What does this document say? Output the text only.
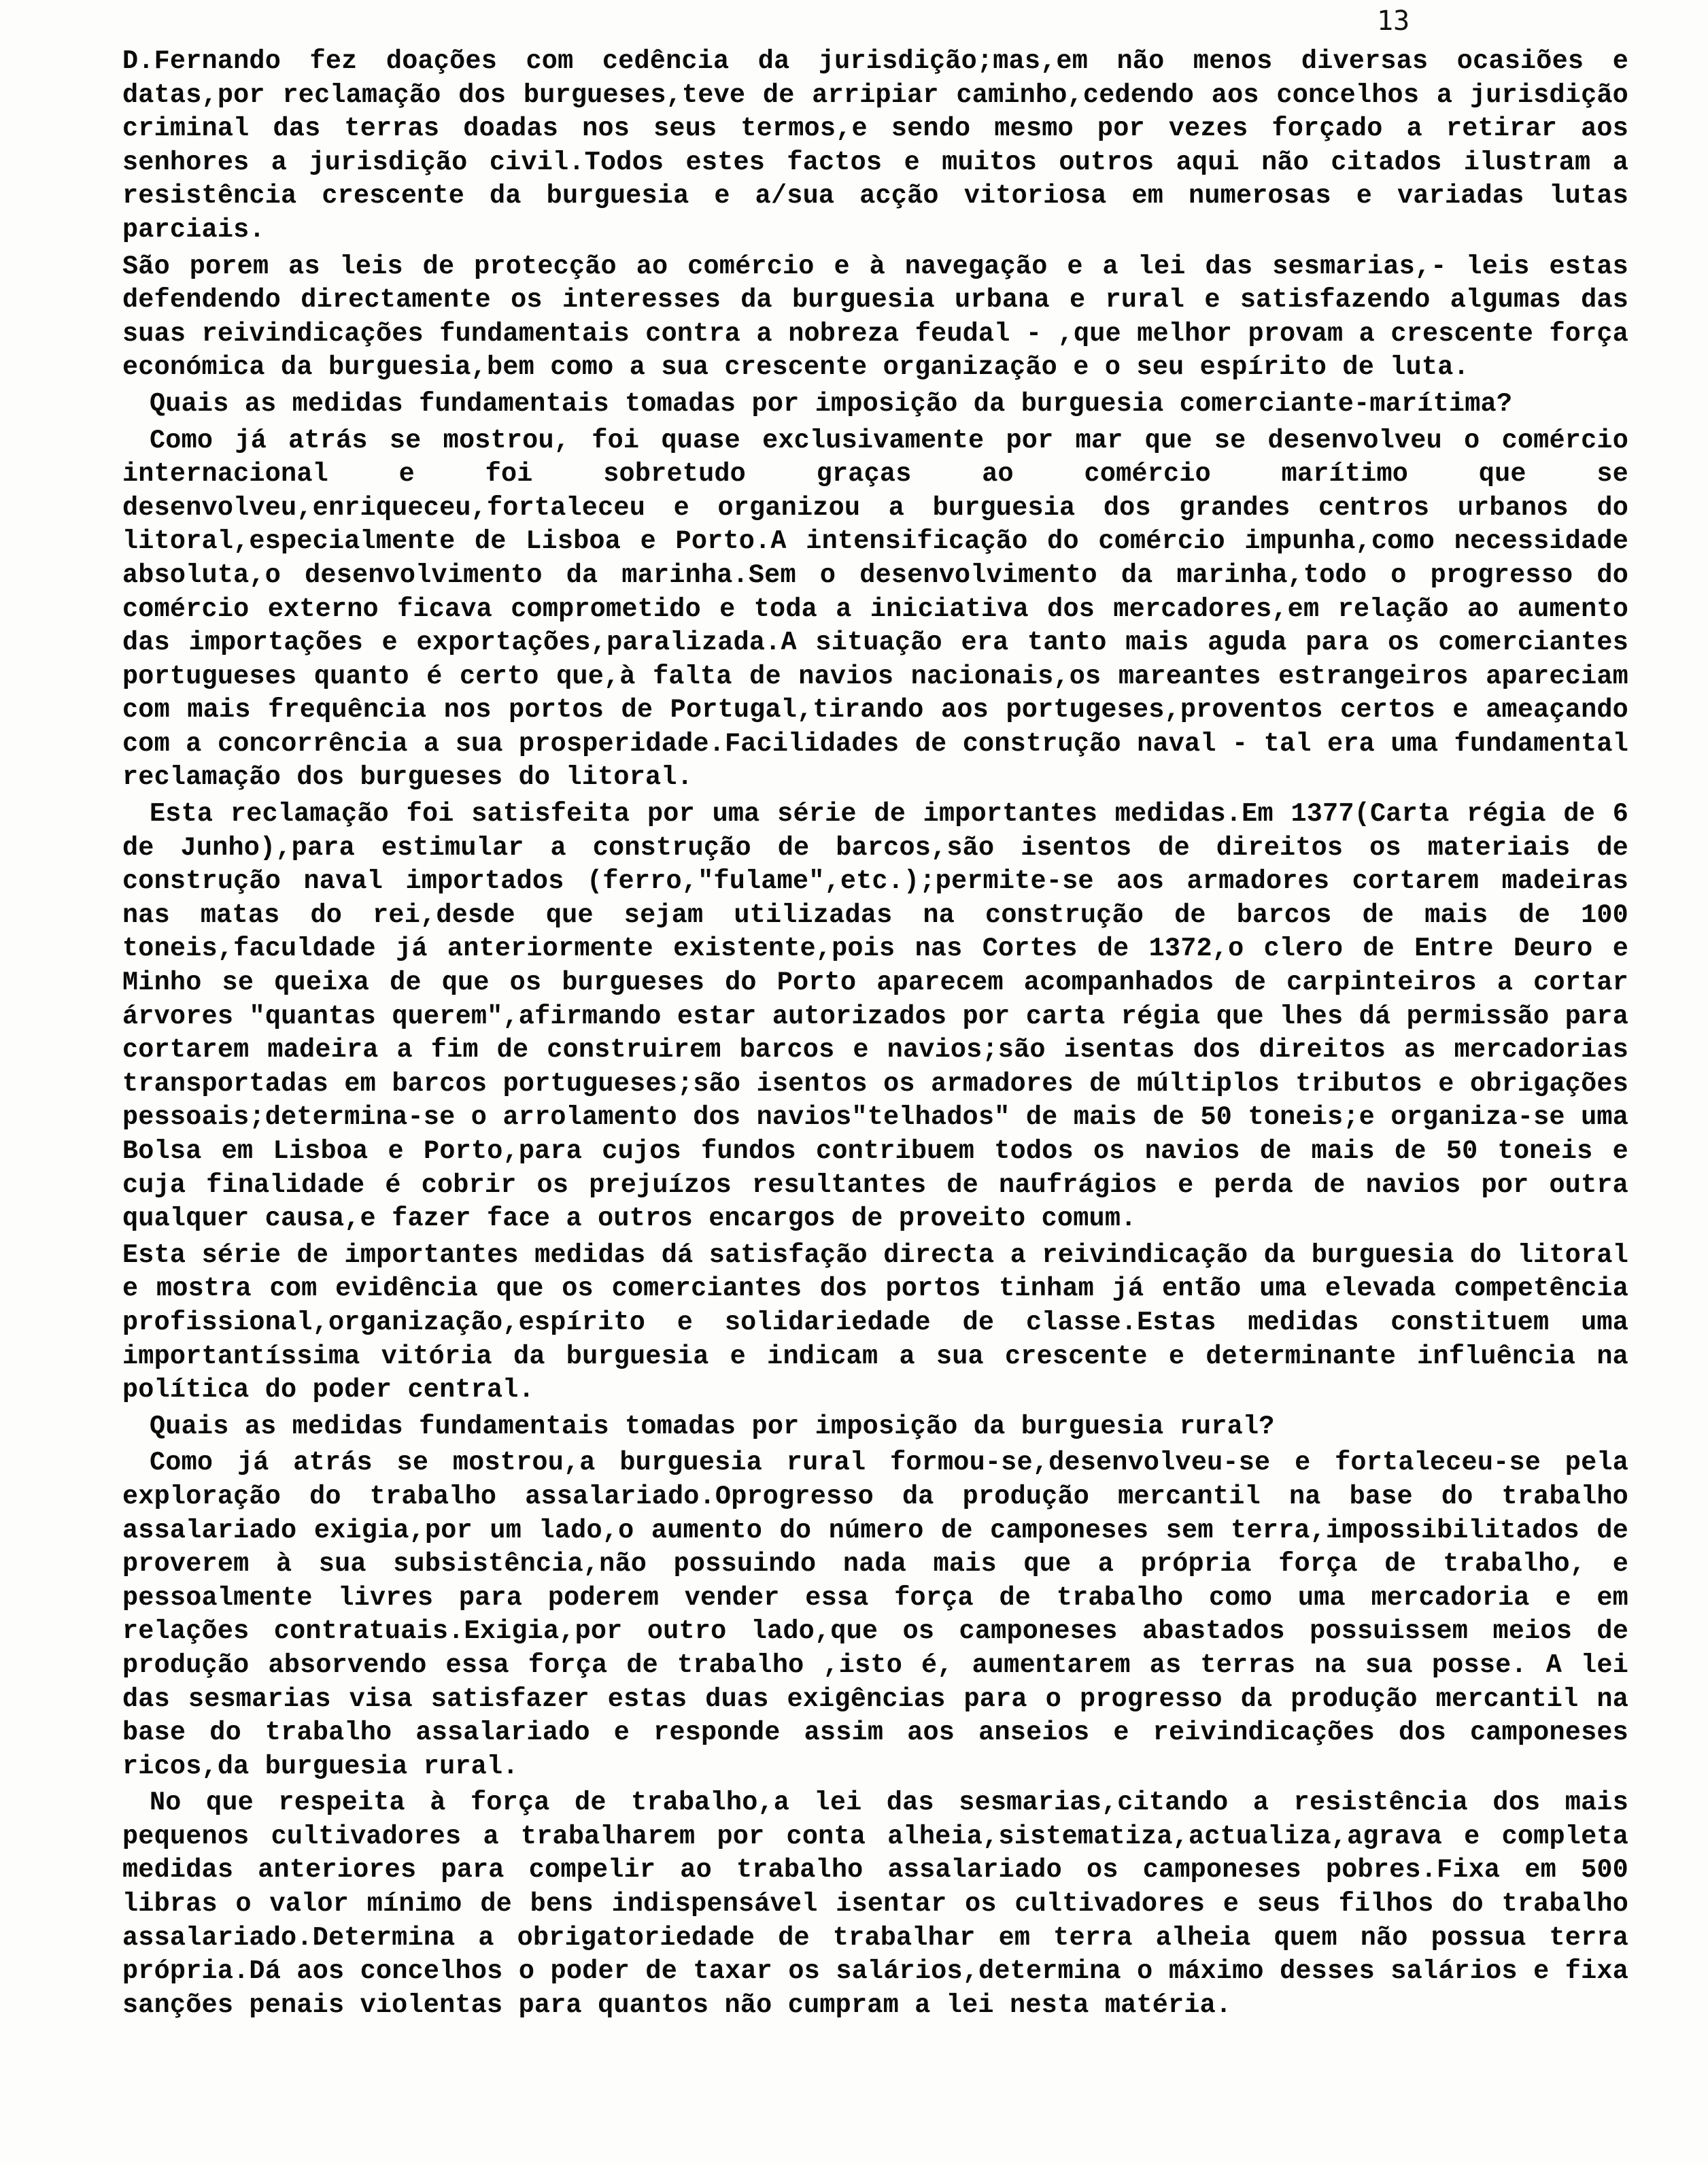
13

D.Fernando fez doações com cedência da jurisdição;mas,em não menos diversas ocasiões e datas,por reclamação dos burgueses,teve de arripiar caminho,cedendo aos concelhos a jurisdição criminal das terras doadas nos seus termos,e sendo mesmo por vezes forçado a retirar aos senhores a jurisdição civil.Todos estes factos e muitos outros aqui não citados ilustram a resistência crescente da burguesia e a/sua acção vitoriosa em numerosas e variadas lutas parciais.

São porem as leis de protecção ao comércio e à navegação e a lei das sesmarias,- leis estas defendendo directamente os interesses da burguesia urbana e rural e satisfazendo algumas das suas reivindicações fundamentais contra a nobreza feudal - ,que melhor provam a crescente força económica da burguesia,bem como a sua crescente organização e o seu espírito de luta.

Quais as medidas fundamentais tomadas por imposição da burguesia comerciante-marítima?

Como já atrás se mostrou, foi quase exclusivamente por mar que se desenvolveu o comércio internacional e foi sobretudo graças ao comércio marítimo que se desenvolveu,enriqueceu,fortaleceu e organizou a burguesia dos grandes centros urbanos do litoral,especialmente de Lisboa e Porto.A intensificação do comércio impunha,como necessidade absoluta,o desenvolvimento da marinha.Sem o desenvolvimento da marinha,todo o progresso do comércio externo ficava comprometido e toda a iniciativa dos mercadores,em relação ao aumento das importações e exportações,paralizada.A situação era tanto mais aguda para os comerciantes portugueses quanto é certo que,à falta de navios nacionais,os mareantes estrangeiros apareciam com mais frequência nos portos de Portugal,tirando aos portugeses,proventos certos e ameaçando com a concorrência a sua prosperidade.Facilidades de construção naval - tal era uma fundamental reclamação dos burgueses do litoral.

Esta reclamação foi satisfeita por uma série de importantes medidas.Em 1377(Carta régia de 6 de Junho),para estimular a construção de barcos,são isentos de direitos os materiais de construção naval importados (ferro,"fulame",etc.);permite-se aos armadores cortarem madeiras nas matas do rei,desde que sejam utilizadas na construção de barcos de mais de 100 toneis,faculdade já anteriormente existente,pois nas Cortes de 1372,o clero de Entre Deuro e Minho se queixa de que os burgueses do Porto aparecem acompanhados de carpinteiros a cortar árvores "quantas querem",afirmando estar autorizados por carta régia que lhes dá permissão para cortarem madeira a fim de construirem barcos e navios;são isentas dos direitos as mercadorias transportadas em barcos portugueses;são isentos os armadores de múltiplos tributos e obrigações pessoais;determina-se o arrolamento dos navios"telhados" de mais de 50 toneis;e organiza-se uma Bolsa em Lisboa e Porto,para cujos fundos contribuem todos os navios de mais de 50 toneis e cuja finalidade é cobrir os prejuízos resultantes de naufrágios e perda de navios por outra qualquer causa,e fazer face a outros encargos de proveito comum.

Esta série de importantes medidas dá satisfação directa a reivindicação da burguesia do litoral e mostra com evidência que os comerciantes dos portos tinham já então uma elevada competência profissional,organização,espírito e solidariedade de classe.Estas medidas constituem uma importantíssima vitória da burguesia e indicam a sua crescente e determinante influência na política do poder central.

Quais as medidas fundamentais tomadas por imposição da burguesia rural?

Como já atrás se mostrou,a burguesia rural formou-se,desenvolveu-se e fortaleceu-se pela exploração do trabalho assalariado.Oprogresso da produção mercantil na base do trabalho assalariado exigia,por um lado,o aumento do número de camponeses sem terra,impossibilitados de proverem à sua subsistência,não possuindo nada mais que a própria força de trabalho, e pessoalmente livres para poderem vender essa força de trabalho como uma mercadoria e em relações contratuais.Exigia,por outro lado,que os camponeses abastados possuissem meios de produção absorvendo essa força de trabalho ,isto é, aumentarem as terras na sua posse. A lei das sesmarias visa satisfazer estas duas exigências para o progresso da produção mercantil na base do trabalho assalariado e responde assim aos anseios e reivindicações dos camponeses ricos,da burguesia rural.

No que respeita à força de trabalho,a lei das sesmarias,citando a resistência dos mais pequenos cultivadores a trabalharem por conta alheia,sistematiza,actualiza,agrava e completa medidas anteriores para compelir ao trabalho assalariado os camponeses pobres.Fixa em 500 libras o valor mínimo de bens indispensável isentar os cultivadores e seus filhos do trabalho assalariado.Determina a obrigatoriedade de trabalhar em terra alheia quem não possua terra própria.Dá aos concelhos o poder de taxar os salários,determina o máximo desses salários e fixa sanções penais violentas para quantos não cumpram a lei nesta matéria.
